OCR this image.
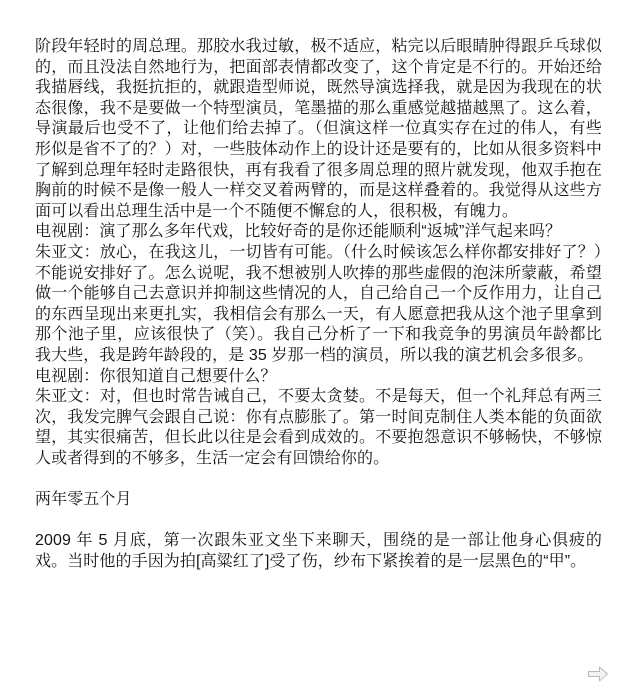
阶段年轻时的周总理。那胶水我过敏，极不适应，粘完以后眼睛肿得跟乒乓球似的，而且没法自然地行为，把面部表情都改变了，这个肯定是不行的。开始还给我描唇线，我挺抗拒的，就跟造型师说，既然导演选择我，就是因为我现在的状态很像，我不是要做一个特型演员，笔墨描的那么重感觉越描越黑了。这么着，导演最后也受不了，让他们给去掉了。（但演这样一位真实存在过的伟人，有些形似是省不了的？）对，一些肢体动作上的设计还是要有的，比如从很多资料中了解到总理年轻时走路很快，再有我看了很多周总理的照片就发现，他双手抱在胸前的时候不是像一般人一样交叉着两臂的，而是这样叠着的。我觉得从这些方面可以看出总理生活中是一个不随便不懈怠的人，很积极，有魄力。
电视剧：演了那么多年代戏，比较好奇的是你还能顺利“返城”洋气起来吗？
朱亚文：放心，在我这儿，一切皆有可能。（什么时候该怎么样你都安排好了？）不能说安排好了。怎么说呢，我不想被别人吹捧的那些虚假的泡沫所蒙蔽，希望做一个能够自己去意识并抑制这些情况的人，自己给自己一个反作用力，让自己的东西呈现出来更扎实，我相信会有那么一天，有人愿意把我从这个池子里拿到那个池子里，应该很快了（笑）。我自己分析了一下和我竞争的男演员年龄都比我大些，我是跨年龄段的，是 35 岁那一档的演员，所以我的演艺机会多很多。
电视剧：你很知道自己想要什么？
朱亚文：对，但也时常告诫自己，不要太贪婪。不是每天，但一个礼拜总有两三次，我发完脾气会跟自己说：你有点膨胀了。第一时间克制住人类本能的负面欲望，其实很痛苦，但长此以往是会看到成效的。不要抱怨意识不够畅快，不够惊人或者得到的不够多，生活一定会有回馈给你的。
两年零五个月
2009 年 5 月底，第一次跟朱亚文坐下来聊天，围绕的是一部让他身心俱疲的戏。当时他的手因为拍[高粱红了]受了伤，纱布下紧挨着的是一层黑色的“甲”。
